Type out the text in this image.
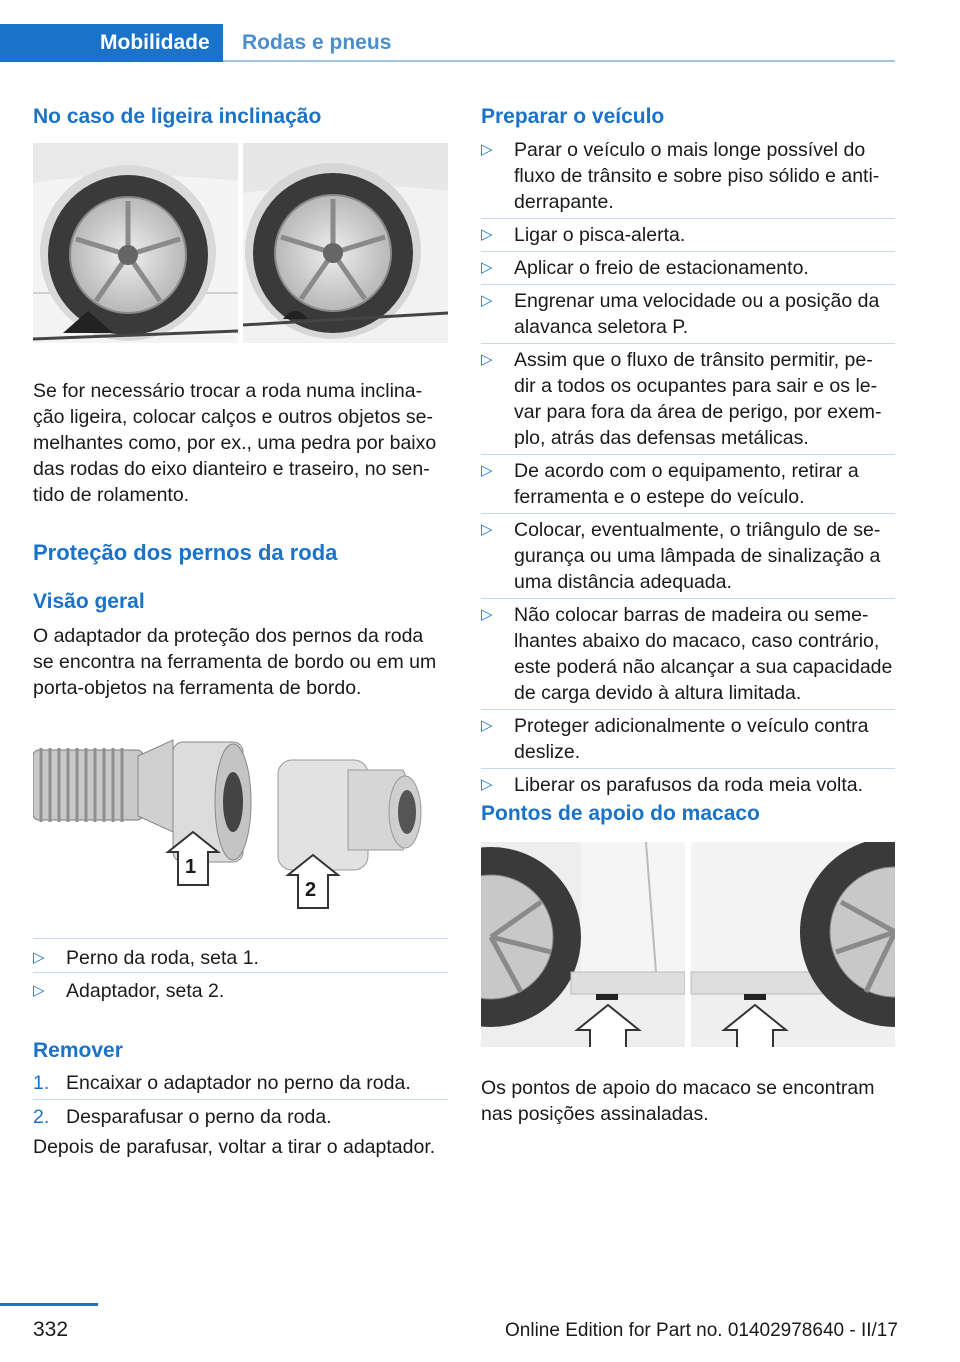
Mobilidade	Rodas e pneus
No caso de ligeira inclinação
Se for necessário trocar a roda numa inclina‐
ção ligeira, colocar calços e outros objetos se‐
melhantes como, por ex., uma pedra por baixo
das rodas do eixo dianteiro e traseiro, no sen‐
tido de rolamento.
Proteção dos pernos da roda
Visão geral
O adaptador da proteção dos pernos da roda
se encontra na ferramenta de bordo ou em um
porta-objetos na ferramenta de bordo.
1
2
▷ Perno da roda, seta 1.
▷ Adaptador, seta 2.
Remover
1. Encaixar o adaptador no perno da roda.
2. Desparafusar o perno da roda.
Depois de parafusar, voltar a tirar o adaptador.
Preparar o veículo
▷ Parar o veículo o mais longe possível do
fluxo de trânsito e sobre piso sólido e anti‐
derrapante.
▷ Ligar o pisca-alerta.
▷ Aplicar o freio de estacionamento.
▷ Engrenar uma velocidade ou a posição da
alavanca seletora P.
▷ Assim que o fluxo de trânsito permitir, pe‐
dir a todos os ocupantes para sair e os le‐
var para fora da área de perigo, por exem‐
plo, atrás das defensas metálicas.
▷ De acordo com o equipamento, retirar a
ferramenta e o estepe do veículo.
▷ Colocar, eventualmente, o triângulo de se‐
gurança ou uma lâmpada de sinalização a
uma distância adequada.
▷ Não colocar barras de madeira ou seme‐
lhantes abaixo do macaco, caso contrário,
este poderá não alcançar a sua capacidade
de carga devido à altura limitada.
▷ Proteger adicionalmente o veículo contra
deslize.
▷ Liberar os parafusos da roda meia volta.
Pontos de apoio do macaco
Os pontos de apoio do macaco se encontram
nas posições assinaladas.
332	Online Edition for Part no. 01402978640 - II/17
